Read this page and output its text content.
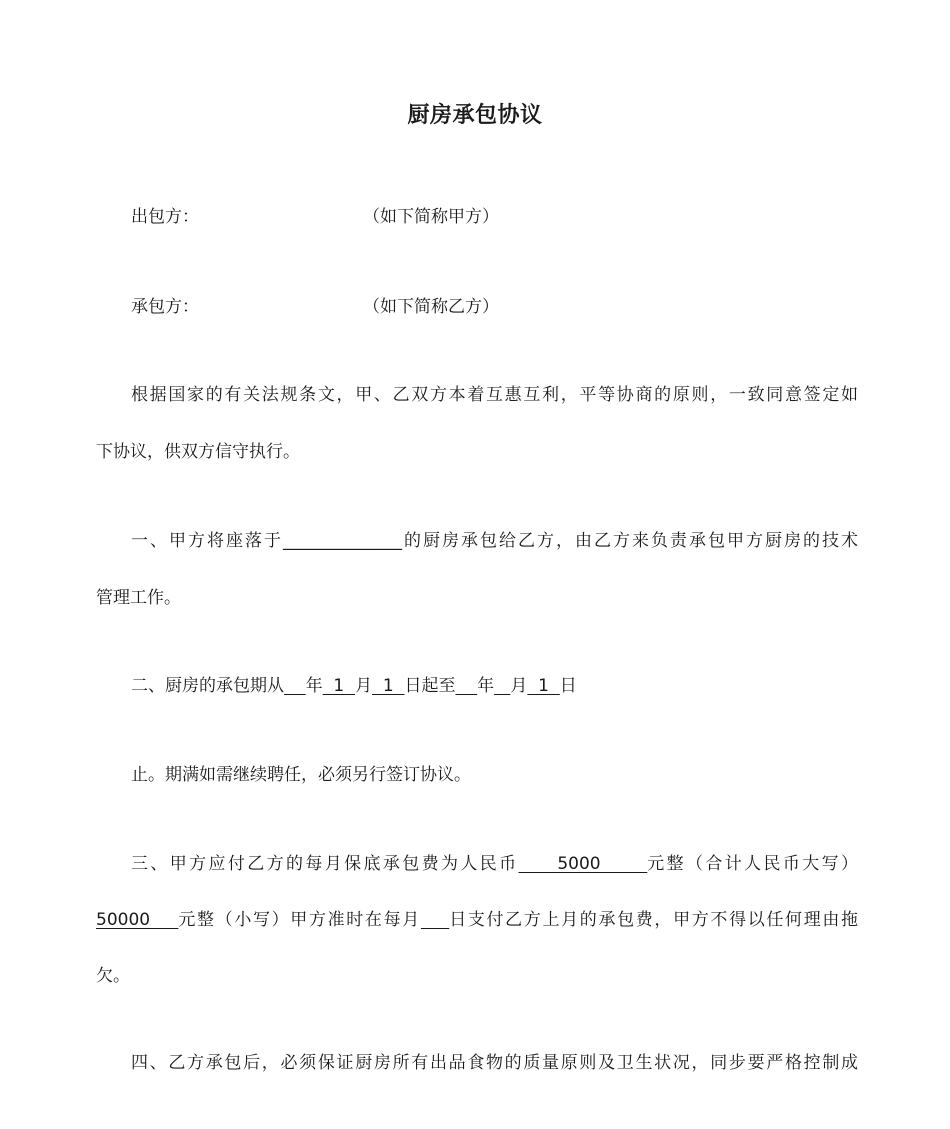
厨房承包协议
出包方：	（如下简称甲方）
承包方：	（如下简称乙方）
根据国家的有关法规条文，甲、乙双方本着互惠互利，平等协商的原则，一致同意签定如
下协议，供双方信守执行。
一、甲方将座落于______________的厨房承包给乙方，由乙方来负责承包甲方厨房的技术
管理工作。
二、厨房的承包期从 年  1  月  1  日起至 年 月  1  日
止。期满如需继续聘任，必须另行签订协议。
三、甲方应付乙方的每月保底承包费为人民币     5000      元整（合计人民币大写）
50000    元整（小写）甲方准时在每月 日支付乙方上月的承包费，甲方不得以任何理由拖
欠。
四、乙方承包后，必须保证厨房所有出品食物的质量原则及卫生状况，同步要严格控制成
